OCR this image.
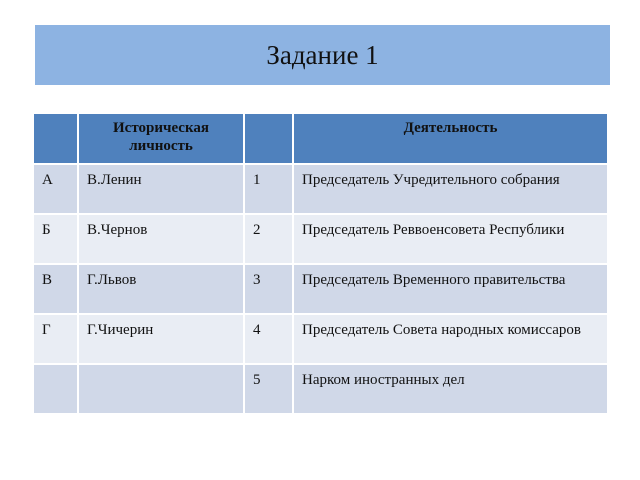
Задание 1
	Историческая личность		Деятельность
А	В.Ленин	1	Председатель Учредительного собрания
Б	В.Чернов	2	Председатель Реввоенсовета Республики
В	Г.Львов	3	Председатель Временного правительства
Г	Г.Чичерин	4	Председатель Совета народных комиссаров
		5	Нарком иностранных дел
